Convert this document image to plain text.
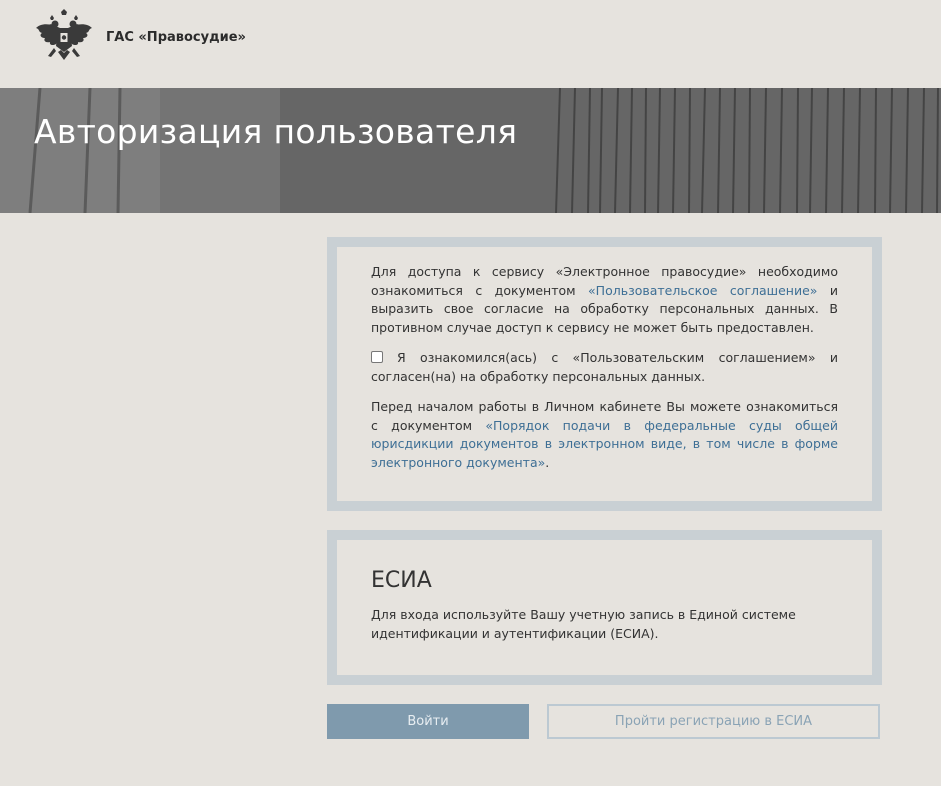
ГАС «Правосудие»
Авторизация пользователя

Для доступа к сервису «Электронное правосудие» необходимо ознакомиться с документом «Пользовательское соглашение» и выразить свое согласие на обработку персональных данных. В противном случае доступ к сервису не может быть предоставлен.

Я ознакомился(ась) с «Пользовательским соглашением» и согласен(на) на обработку персональных данных.

Перед началом работы в Личном кабинете Вы можете ознакомиться с документом «Порядок подачи в федеральные суды общей юрисдикции документов в электронном виде, в том числе в форме электронного документа».

ЕСИА

Для входа используйте Вашу учетную запись в Единой системе идентификации и аутентификации (ЕСИА).

Войти	Пройти регистрацию в ЕСИА
